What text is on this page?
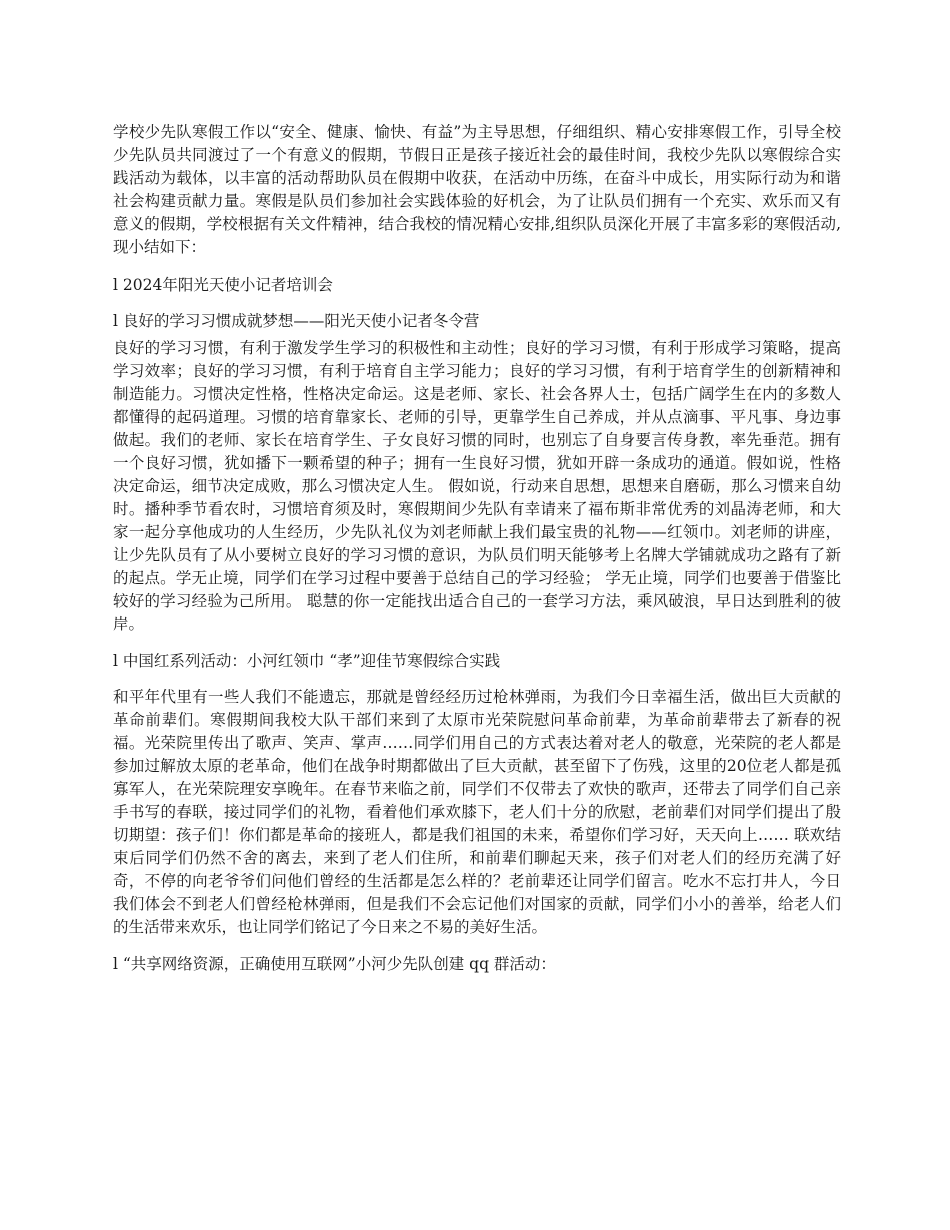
学校少先队寒假工作以“安全、健康、愉快、有益”为主导思想，仔细组织、精心安排寒假工作，引导全校少先队员共同渡过了一个有意义的假期，节假日正是孩子接近社会的最佳时间，我校少先队以寒假综合实践活动为载体，以丰富的活动帮助队员在假期中收获，在活动中历练，在奋斗中成长，用实际行动为和谐社会构建贡献力量。寒假是队员们参加社会实践体验的好机会，为了让队员们拥有一个充实、欢乐而又有意义的假期，学校根据有关文件精神，结合我校的情况精心安排,组织队员深化开展了丰富多彩的寒假活动,现小结如下：

l 2024年阳光天使小记者培训会

l 良好的学习习惯成就梦想——阳光天使小记者冬令营

良好的学习习惯，有利于激发学生学习的积极性和主动性；良好的学习习惯，有利于形成学习策略，提高学习效率；良好的学习习惯，有利于培育自主学习能力；良好的学习习惯，有利于培育学生的创新精神和制造能力。习惯决定性格，性格决定命运。这是老师、家长、社会各界人士，包括广阔学生在内的多数人都懂得的起码道理。习惯的培育靠家长、老师的引导，更靠学生自己养成，并从点滴事、平凡事、身边事做起。我们的老师、家长在培育学生、子女良好习惯的同时，也别忘了自身要言传身教，率先垂范。拥有一个良好习惯，犹如播下一颗希望的种子；拥有一生良好习惯，犹如开辟一条成功的通道。假如说，性格决定命运，细节决定成败，那么习惯决定人生。 假如说，行动来自思想，思想来自磨砺，那么习惯来自幼时。播种季节看农时，习惯培育须及时，寒假期间少先队有幸请来了福布斯非常优秀的刘晶涛老师，和大家一起分享他成功的人生经历，少先队礼仪为刘老师献上我们最宝贵的礼物——红领巾。刘老师的讲座，让少先队员有了从小要树立良好的学习习惯的意识，为队员们明天能够考上名牌大学铺就成功之路有了新的起点。学无止境，同学们在学习过程中要善于总结自己的学习经验； 学无止境，同学们也要善于借鉴比较好的学习经验为己所用。 聪慧的你一定能找出适合自己的一套学习方法，乘风破浪，早日达到胜利的彼岸。

l 中国红系列活动：小河红领巾 “孝”迎佳节寒假综合实践

和平年代里有一些人我们不能遗忘，那就是曾经经历过枪林弹雨，为我们今日幸福生活，做出巨大贡献的革命前辈们。寒假期间我校大队干部们来到了太原市光荣院慰问革命前辈，为革命前辈带去了新春的祝福。光荣院里传出了歌声、笑声、掌声……同学们用自己的方式表达着对老人的敬意，光荣院的老人都是参加过解放太原的老革命，他们在战争时期都做出了巨大贡献，甚至留下了伤残，这里的20位老人都是孤寡军人，在光荣院理安享晚年。在春节来临之前，同学们不仅带去了欢快的歌声，还带去了同学们自己亲手书写的春联，接过同学们的礼物，看着他们承欢膝下，老人们十分的欣慰，老前辈们对同学们提出了殷切期望：孩子们！你们都是革命的接班人，都是我们祖国的未来，希望你们学习好，天天向上…… 联欢结束后同学们仍然不舍的离去，来到了老人们住所，和前辈们聊起天来，孩子们对老人们的经历充满了好奇，不停的向老爷爷们问他们曾经的生活都是怎么样的？老前辈还让同学们留言。吃水不忘打井人，今日我们体会不到老人们曾经枪林弹雨，但是我们不会忘记他们对国家的贡献，同学们小小的善举，给老人们的生活带来欢乐，也让同学们铭记了今日来之不易的美好生活。

l “共享网络资源，正确使用互联网”小河少先队创建 qq 群活动：
